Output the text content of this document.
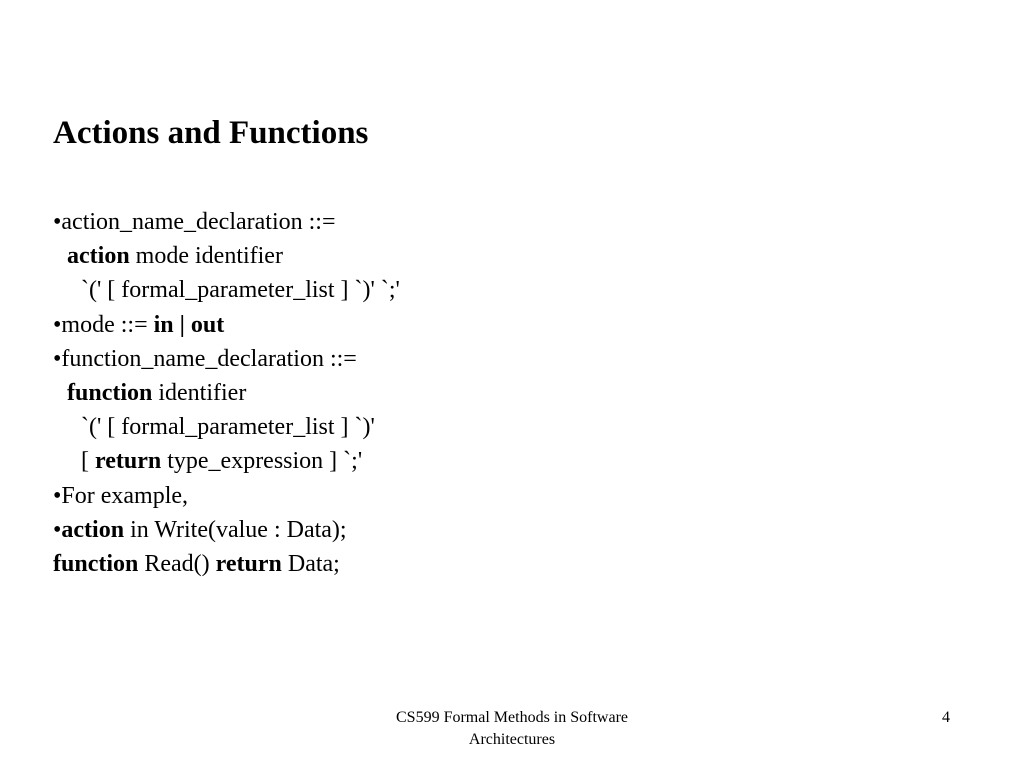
Actions and Functions
•action_name_declaration ::=
action mode identifier
`(' [ formal_parameter_list ] `)' `;'
•mode ::= in | out
•function_name_declaration ::=
function identifier
`(' [ formal_parameter_list ] `)'
[ return type_expression ] `;'
•For example,
•action in Write(value : Data);
function Read() return Data;
CS599 Formal Methods in Software
Architectures
4
